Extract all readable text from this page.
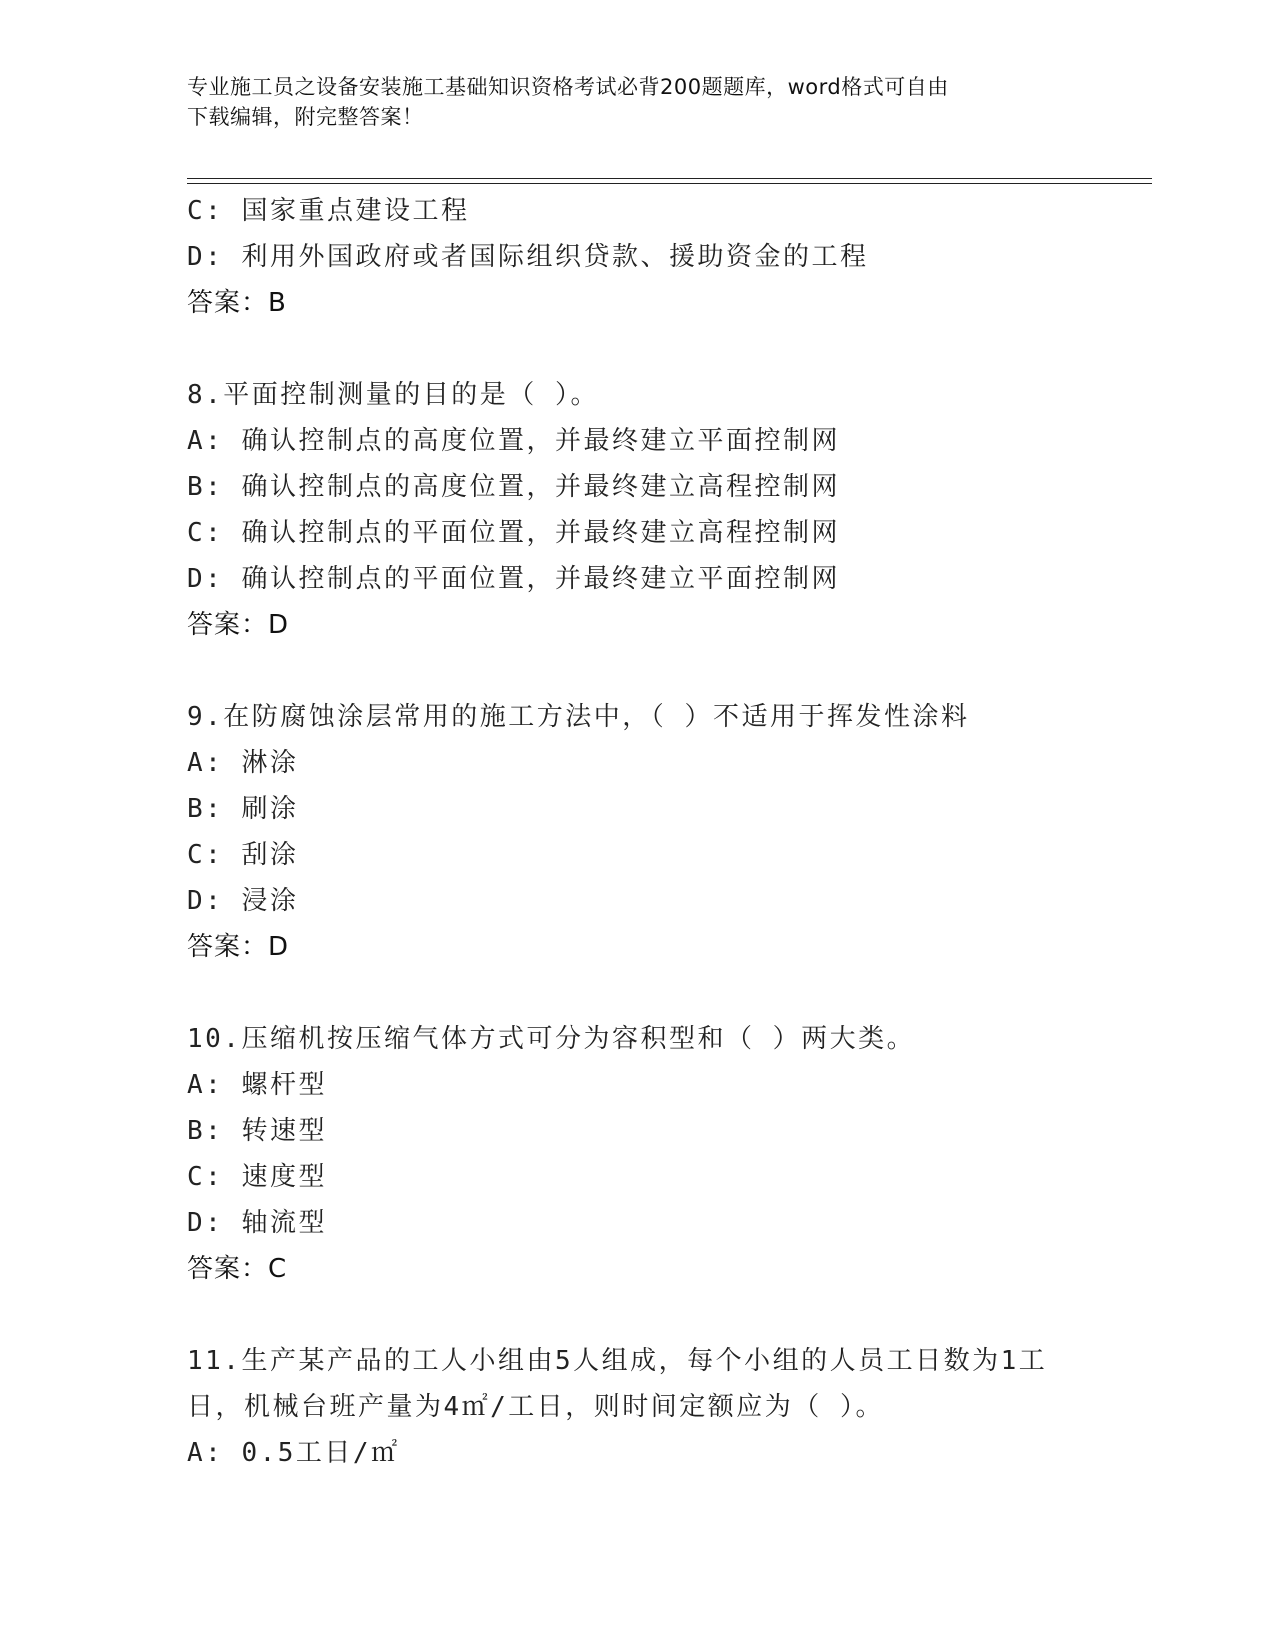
专业施工员之设备安装施工基础知识资格考试必背200题题库，word格式可自由
下载编辑，附完整答案！
C: 国家重点建设工程
D: 利用外国政府或者国际组织贷款、援助资金的工程
答案：B
8.平面控制测量的目的是（ ）。
A: 确认控制点的高度位置，并最终建立平面控制网
B: 确认控制点的高度位置，并最终建立高程控制网
C: 确认控制点的平面位置，并最终建立高程控制网
D: 确认控制点的平面位置，并最终建立平面控制网
答案：D
9.在防腐蚀涂层常用的施工方法中，（ ）不适用于挥发性涂料
A: 淋涂
B: 刷涂
C: 刮涂
D: 浸涂
答案：D
10.压缩机按压缩气体方式可分为容积型和（ ）两大类。
A: 螺杆型
B: 转速型
C: 速度型
D: 轴流型
答案：C
11.生产某产品的工人小组由5人组成，每个小组的人员工日数为1工
日，机械台班产量为4㎡/工日，则时间定额应为（ ）。
A: 0.5工日/㎡
